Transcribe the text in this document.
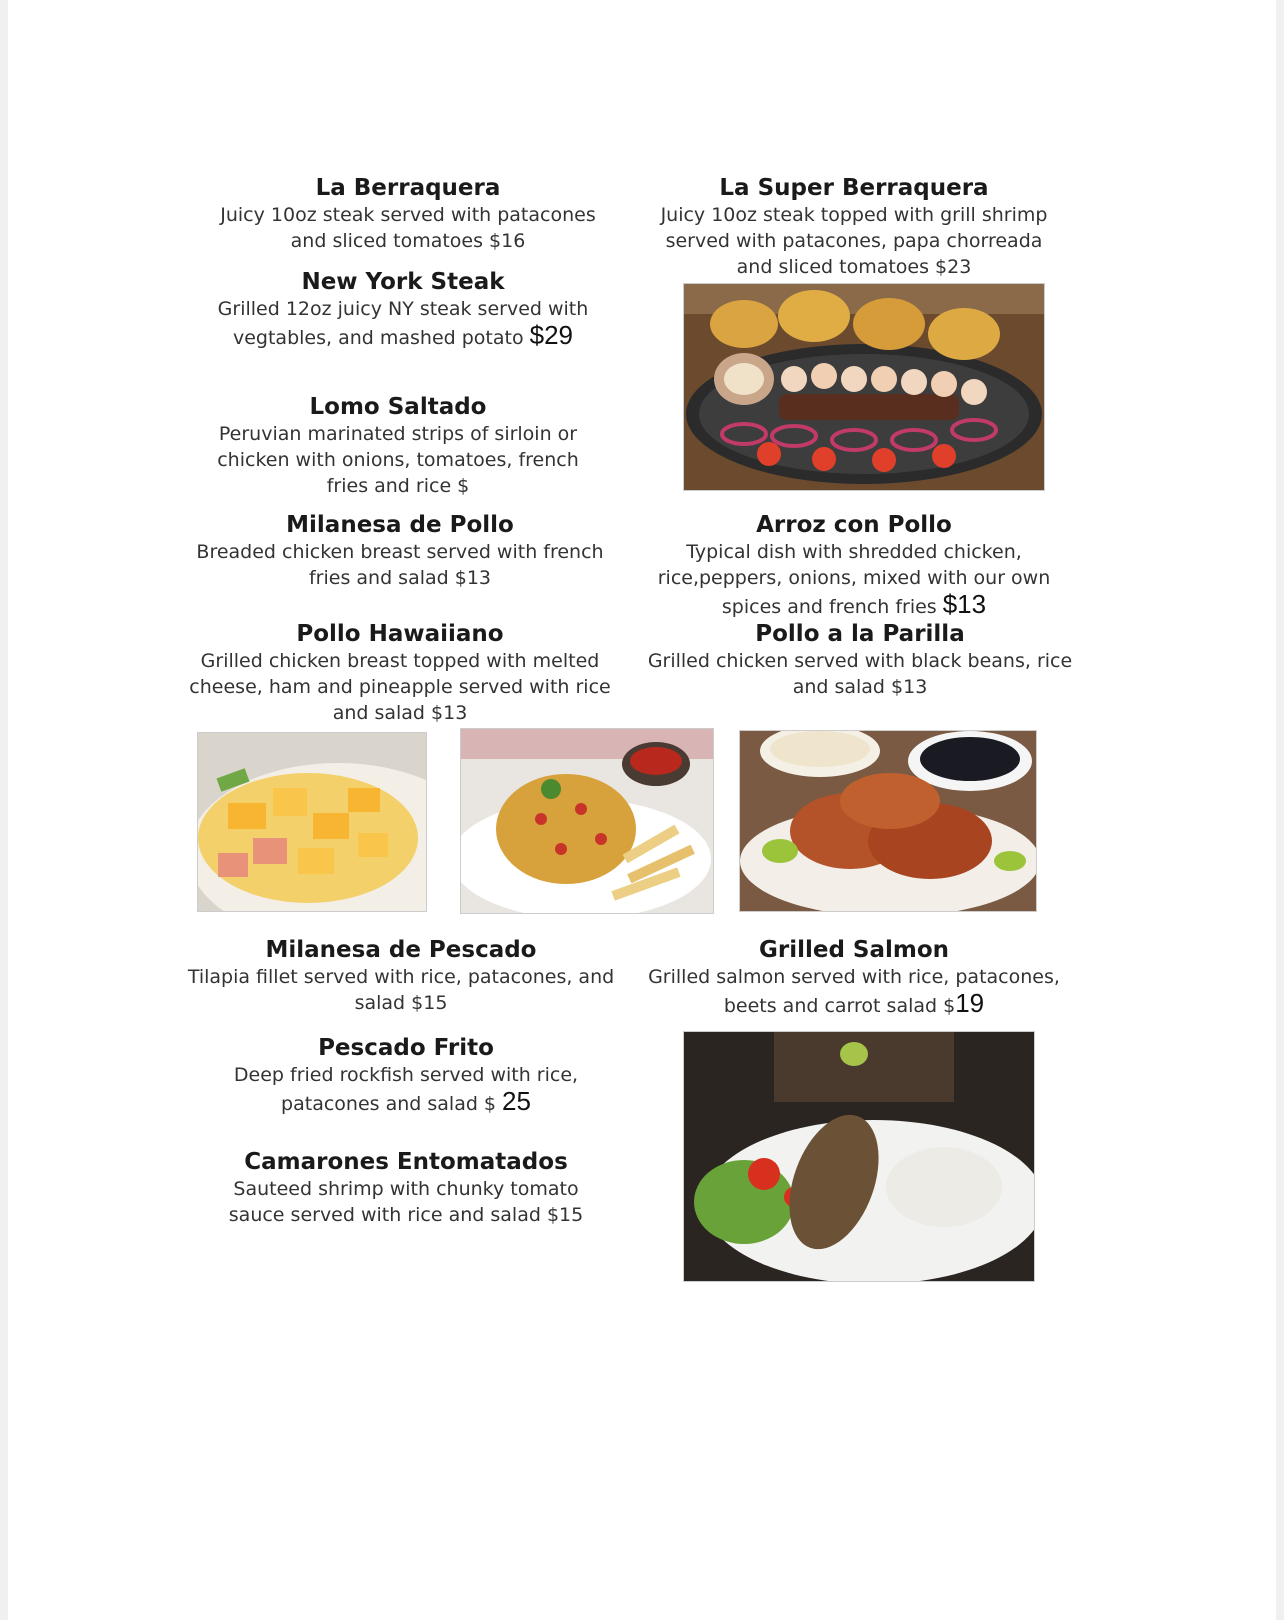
La Berraquera
Juicy 10oz steak served with patacones and sliced tomatoes $16
La Super Berraquera
Juicy 10oz steak topped with grill shrimp served with patacones, papa chorreada and sliced tomatoes $23
New York Steak
Grilled 12oz juicy NY steak served with vegtables, and mashed potato $29
Lomo Saltado
Peruvian marinated strips of sirloin or chicken with onions, tomatoes, french fries and rice $
Milanesa de Pollo
Breaded chicken breast served with french fries and salad $13
Arroz con Pollo
Typical dish with shredded chicken, rice,peppers, onions, mixed with our own spices and french fries $13
Pollo Hawaiiano
Grilled chicken breast topped with melted cheese, ham and pineapple served with rice and salad $13
Pollo a la Parilla
Grilled chicken served with black beans, rice and salad $13
Milanesa de Pescado
Tilapia fillet served with rice, patacones, and salad $15
Grilled Salmon
Grilled salmon served with rice, patacones, beets and carrot salad $19
Pescado Frito
Deep fried rockfish served with rice, patacones and salad $ 25
Camarones Entomatados
Sauteed shrimp with chunky tomato sauce served with rice and salad $15
